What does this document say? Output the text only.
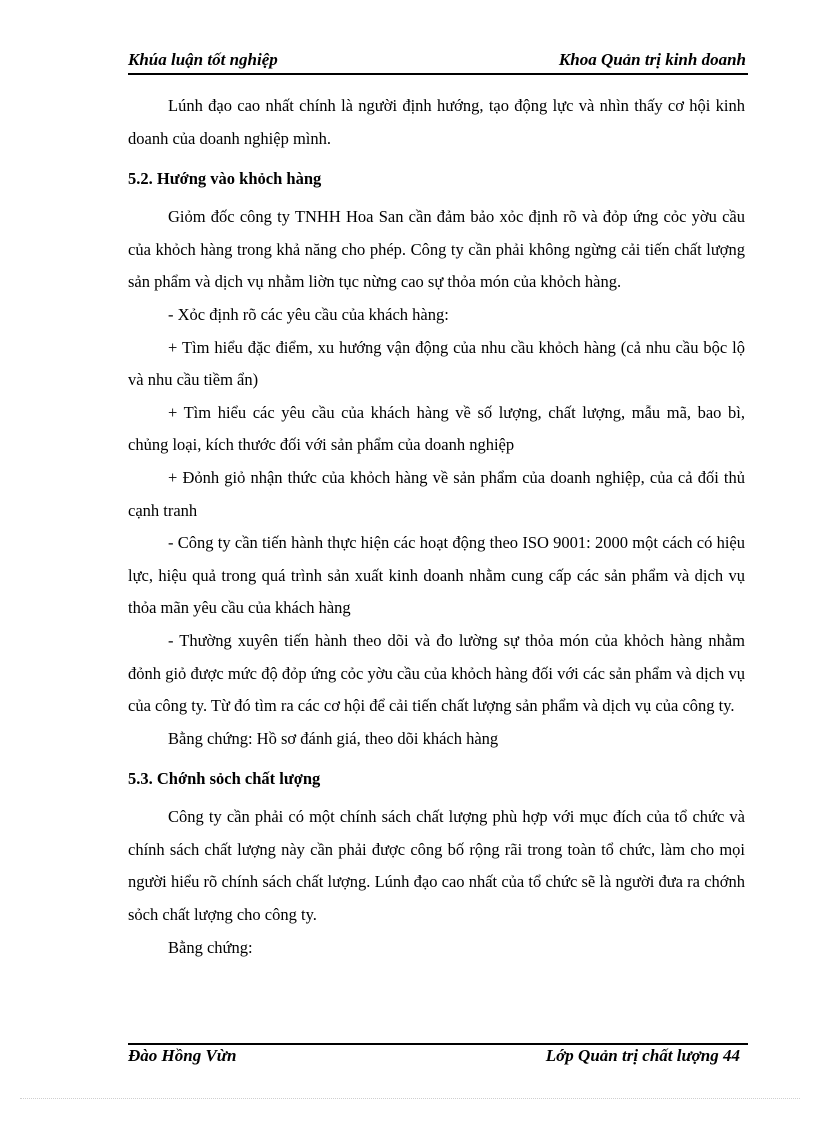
Khúa luận tốt nghiệp	Khoa Quản trị kinh doanh

Lúnh đạo cao nhất chính là người định hướng, tạo động lực và nhìn thấy cơ hội kinh doanh của doanh nghiệp mình.

5.2. Hướng vào khỏch hàng

Giỏm đốc công ty TNHH Hoa San cần đảm bảo xỏc định rõ và đỏp ứng cỏc yờu cầu của khỏch hàng trong khả năng cho phép. Công ty cần phải không ngừng cải tiến chất lượng sản phẩm và dịch vụ nhằm liờn tục nừng cao sự thỏa món của khỏch hàng.

- Xỏc định rõ các yêu cầu của khách hàng:

+ Tìm hiểu đặc điểm, xu hướng vận động của nhu cầu khỏch hàng (cả nhu cầu bộc lộ và nhu cầu tiềm ẩn)

+ Tìm hiểu các yêu cầu của khách hàng về số lượng, chất lượng, mẫu mã, bao bì, chủng loại, kích thước đối với sản phẩm của doanh nghiệp

+ Đỏnh giỏ nhận thức của khỏch hàng về sản phẩm của doanh nghiệp, của cả đối thủ cạnh tranh

- Công ty cần tiến hành thực hiện các hoạt động theo ISO 9001: 2000 một cách có hiệu lực, hiệu quả trong quá trình sản xuất kinh doanh nhằm cung cấp các sản phẩm và dịch vụ thỏa mãn yêu cầu của khách hàng

- Thường xuyên tiến hành theo dõi và đo lường sự thỏa món của khỏch hàng nhằm đỏnh giỏ được mức độ đỏp ứng cỏc yờu cầu của khỏch hàng đối với các sản phẩm và dịch vụ của công ty. Từ đó tìm ra các cơ hội để cải tiến chất lượng sản phẩm và dịch vụ của công ty.

Bằng chứng: Hồ sơ đánh giá, theo dõi khách hàng

5.3. Chớnh sỏch chất lượng

Công ty cần phải có một chính sách chất lượng phù hợp với mục đích của tổ chức và chính sách chất lượng này cần phải được công bố rộng rãi trong toàn tổ chức, làm cho mọi người hiểu rõ chính sách chất lượng. Lúnh đạo cao nhất của tổ chức sẽ là người đưa ra chớnh sỏch chất lượng cho công ty.

Bằng chứng:

Đào Hồng Vừn	Lớp Quản trị chất lượng 44
